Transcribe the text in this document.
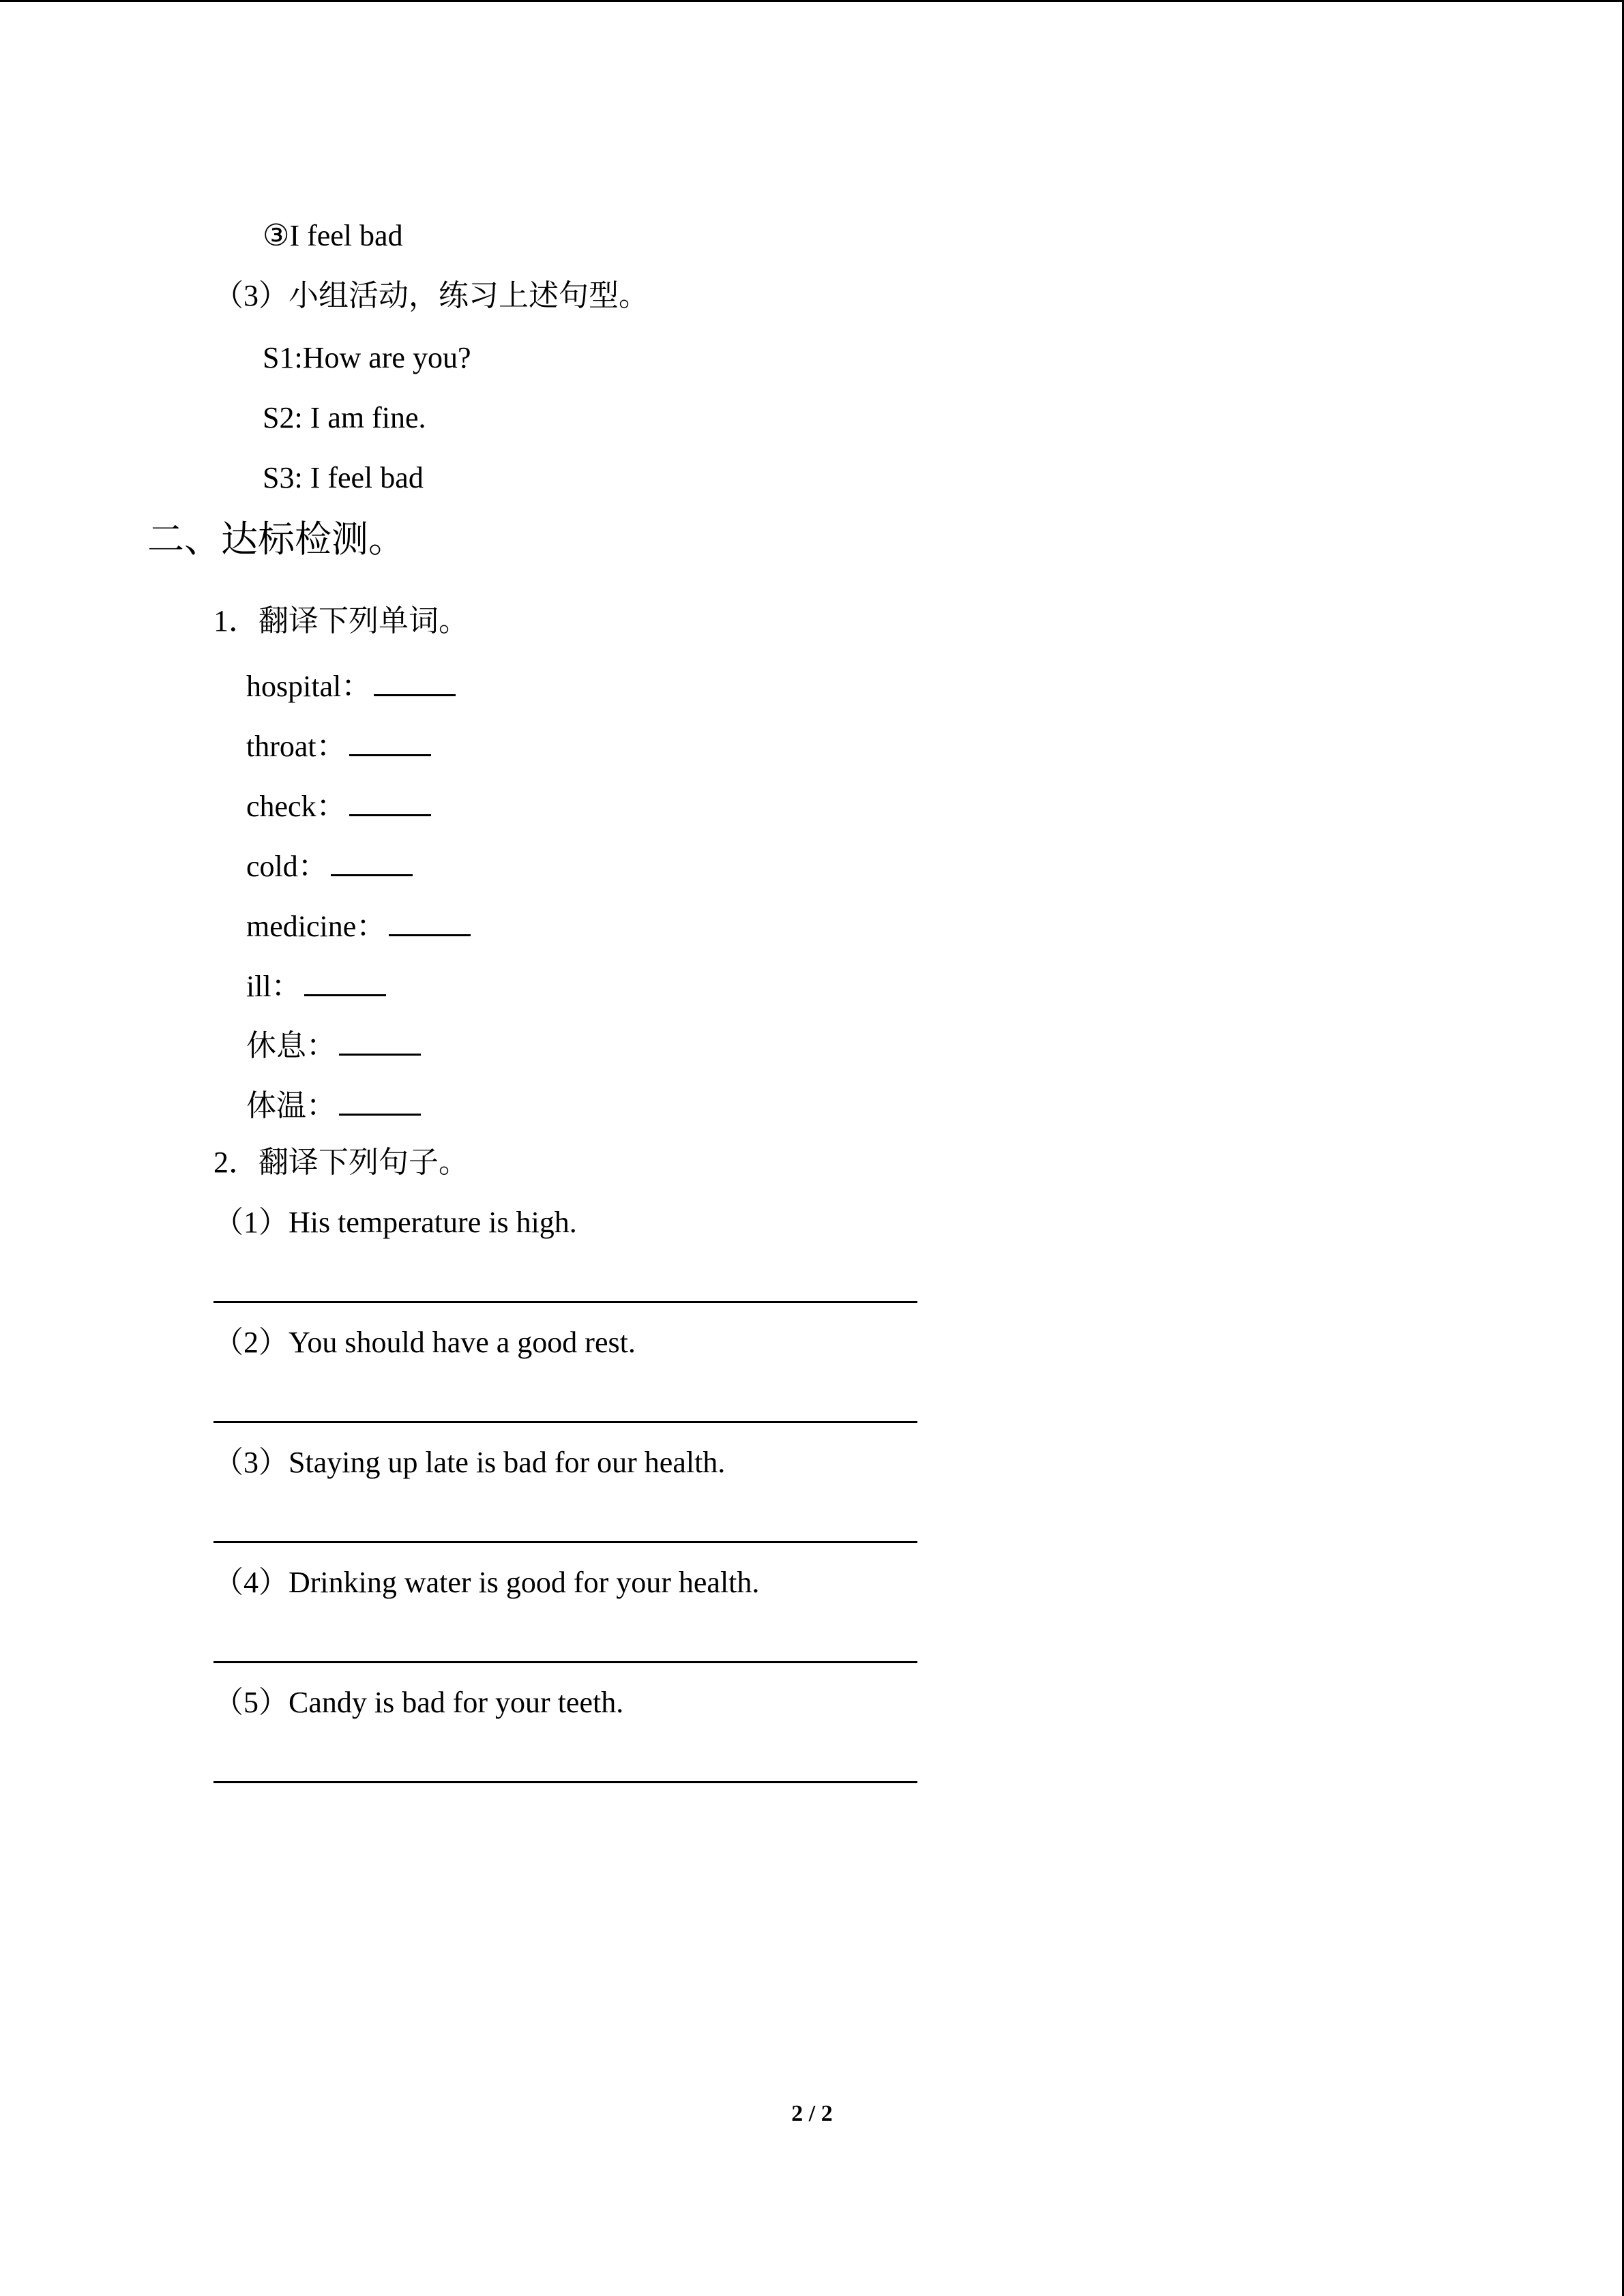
③I feel bad
（3）小组活动，练习上述句型。
S1:How are you?
S2: I am fine.
S3: I feel bad
二、达标检测。
1．翻译下列单词。
hospital：
throat：
check：
cold：
medicine：
ill：
休息：
体温：
2．翻译下列句子。
（1）His temperature is high.
（2）You should have a good rest.
（3）Staying up late is bad for our health.
（4）Drinking water is good for your health.
（5）Candy is bad for your teeth.
2 / 2
